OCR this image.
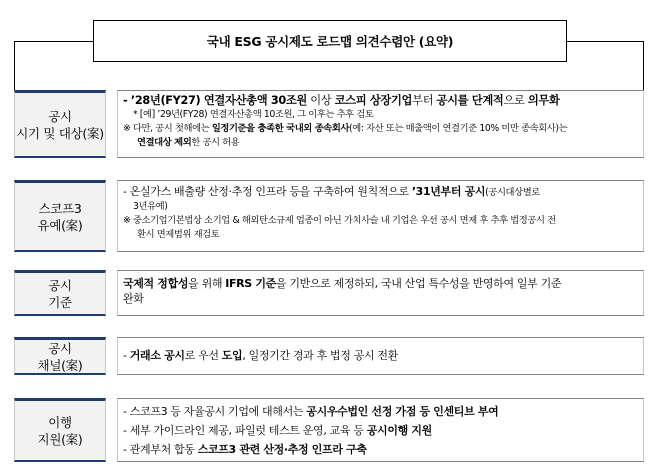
국내 ESG 공시제도 로드맵 의견수렴안 (요약)
공시
시기 및 대상(案)
- ’28년(FY27) 연결자산총액 30조원 이상 코스피 상장기업부터 공시를 단계적으로 의무화
* [예] ’29년(FY28) 연결자산총액 10조원, 그 이후는 추후 검토
※ 다만, 공시 첫해에는 일정기준을 충족한 국내외 종속회사(예: 자산 또는 매출액이 연결기준 10% 미만 종속회사)는
연결대상 제외한 공시 허용
스코프3
유예(案)
- 온실가스 배출량 산정·추정 인프라 등을 구축하여 원칙적으로 ’31년부터 공시(공시대상별로
3년유예)
※ 중소기업기본법상 소기업 & 해외탄소규제 업종이 아닌 가치사슬 내 기업은 우선 공시 면제 후 추후 법정공시 전
환시 면제범위 재검토
공시
기준
국제적 정합성을 위해 IFRS 기준을 기반으로 제정하되, 국내 산업 특수성을 반영하여 일부 기준
완화
공시
채널(案)
- 거래소 공시로 우선 도입, 일정기간 경과 후 법정 공시 전환
이행
지원(案)
- 스코프3 등 자율공시 기업에 대해서는 공시우수법인 선정 가점 등 인센티브 부여
- 세부 가이드라인 제공, 파일럿 테스트 운영, 교육 등 공시이행 지원
- 관계부처 합동 스코프3 관련 산정·추정 인프라 구축
